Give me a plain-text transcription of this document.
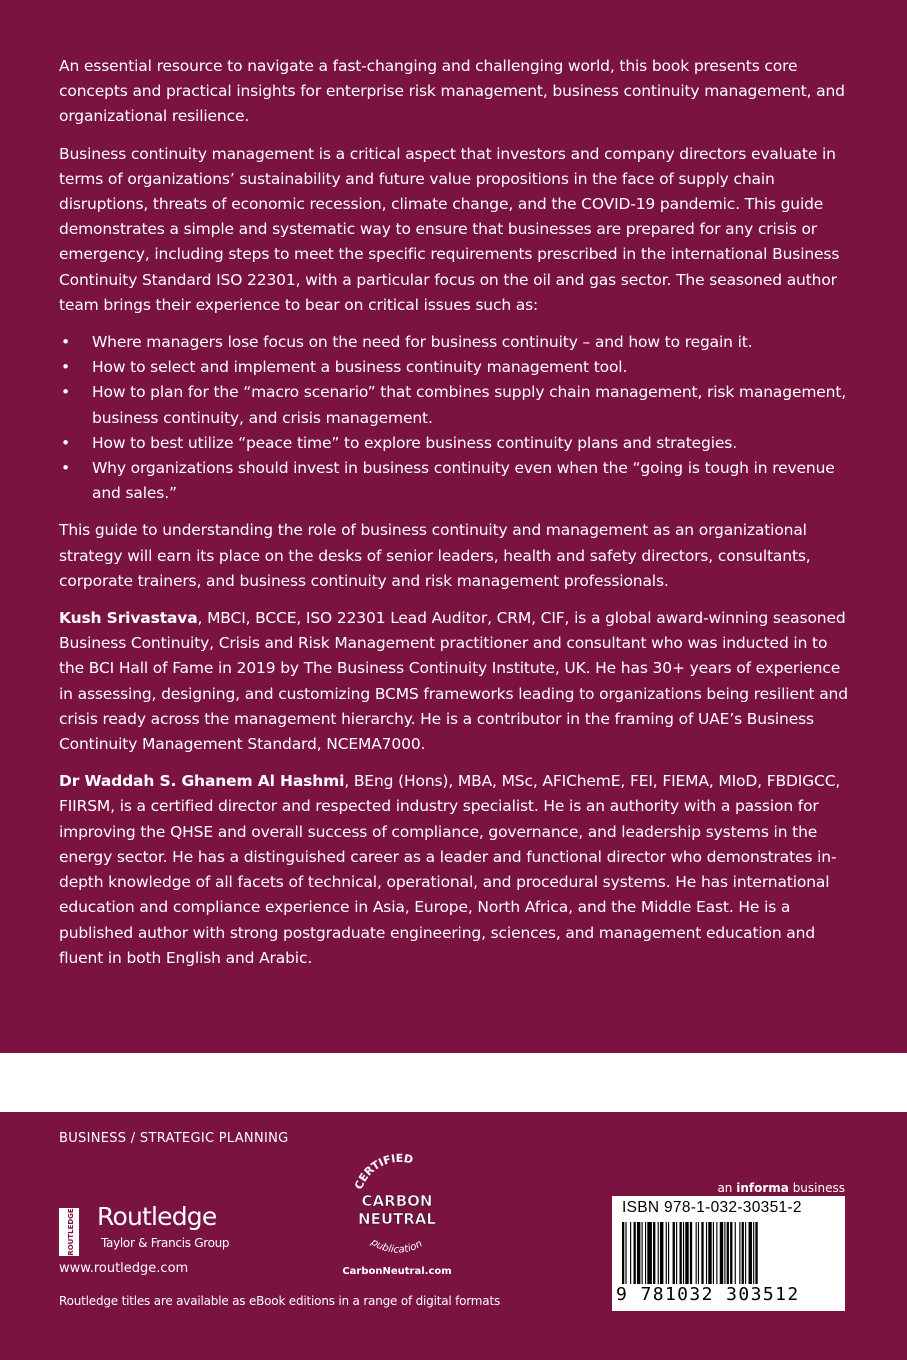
An essential resource to navigate a fast-changing and challenging world, this book presents core concepts and practical insights for enterprise risk management, business continuity management, and organizational resilience.

Business continuity management is a critical aspect that investors and company directors evaluate in terms of organizations’ sustainability and future value propositions in the face of supply chain disruptions, threats of economic recession, climate change, and the COVID-19 pandemic. This guide demonstrates a simple and systematic way to ensure that businesses are prepared for any crisis or emergency, including steps to meet the specific requirements prescribed in the international Business Continuity Standard ISO 22301, with a particular focus on the oil and gas sector. The seasoned author team brings their experience to bear on critical issues such as:

• Where managers lose focus on the need for business continuity – and how to regain it.
• How to select and implement a business continuity management tool.
• How to plan for the “macro scenario” that combines supply chain management, risk management, business continuity, and crisis management.
• How to best utilize “peace time” to explore business continuity plans and strategies.
• Why organizations should invest in business continuity even when the “going is tough in revenue and sales.”

This guide to understanding the role of business continuity and management as an organizational strategy will earn its place on the desks of senior leaders, health and safety directors, consultants, corporate trainers, and business continuity and risk management professionals.

Kush Srivastava, MBCI, BCCE, ISO 22301 Lead Auditor, CRM, CIF, is a global award-winning seasoned Business Continuity, Crisis and Risk Management practitioner and consultant who was inducted in to the BCI Hall of Fame in 2019 by The Business Continuity Institute, UK. He has 30+ years of experience in assessing, designing, and customizing BCMS frameworks leading to organizations being resilient and crisis ready across the management hierarchy. He is a contributor in the framing of UAE’s Business Continuity Management Standard, NCEMA7000.

Dr Waddah S. Ghanem Al Hashmi, BEng (Hons), MBA, MSc, AFIChemE, FEI, FIEMA, MIoD, FBDIGCC, FIIRSM, is a certified director and respected industry specialist. He is an authority with a passion for improving the QHSE and overall success of compliance, governance, and leadership systems in the energy sector. He has a distinguished career as a leader and functional director who demonstrates in-depth knowledge of all facets of technical, operational, and procedural systems. He has international education and compliance experience in Asia, Europe, North Africa, and the Middle East. He is a published author with strong postgraduate engineering, sciences, and management education and fluent in both English and Arabic.

BUSINESS / STRATEGIC PLANNING
ROUTLEDGE Routledge
Taylor & Francis Group
www.routledge.com
Routledge titles are available as eBook editions in a range of digital formats
CERTIFIED
CARBON
NEUTRAL
publication
CarbonNeutral.com
an informa business
ISBN 978-1-032-30351-2
9 781032 303512
